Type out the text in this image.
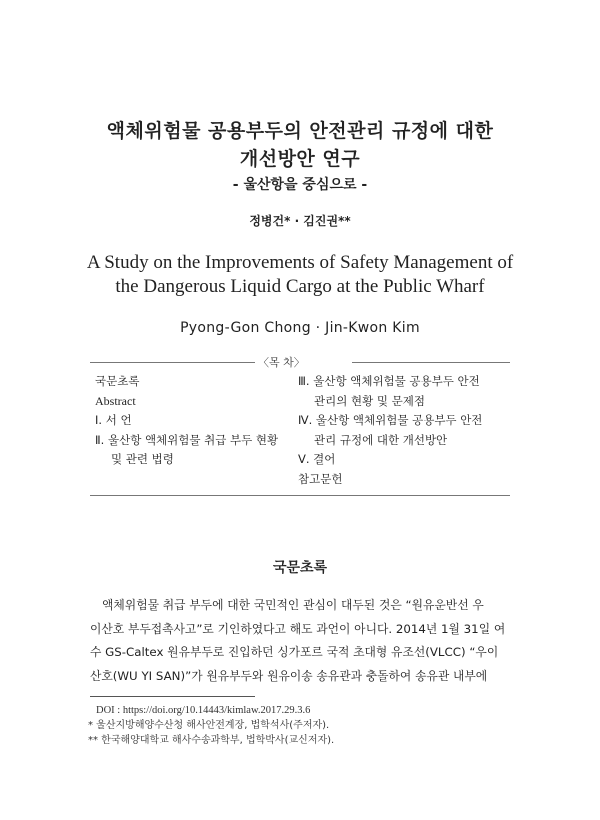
액체위험물 공용부두의 안전관리 규정에 대한
개선방안 연구
- 울산항을 중심으로 -
정병건* · 김진권**
A Study on the Improvements of Safety Management of
the Dangerous Liquid Cargo at the Public Wharf
Pyong-Gon Chong · Jin-Kwon Kim
〈목 차〉
국문초록
Abstract
Ⅰ. 서 언
Ⅱ. 울산항 액체위험물 취급 부두 현황
및 관련 법령
Ⅲ. 울산항 액체위험물 공용부두 안전
관리의 현황 및 문제점
Ⅳ. 울산항 액체위험물 공용부두 안전
관리 규정에 대한 개선방안
Ⅴ. 결어
참고문헌
국문초록
액체위험물 취급 부두에 대한 국민적인 관심이 대두된 것은 “원유운반선 우
이산호 부두접촉사고”로 기인하였다고 해도 과언이 아니다. 2014년 1월 31일 여
수 GS-Caltex 원유부두로 진입하던 싱가포르 국적 초대형 유조선(VLCC) “우이
산호(WU YI SAN)”가 원유부두와 원유이송 송유관과 충돌하여 송유관 내부에
DOI : https://doi.org/10.14443/kimlaw.2017.29.3.6
* 울산지방해양수산청 해사안전계장, 법학석사(주저자).
** 한국해양대학교 해사수송과학부, 법학박사(교신저자).
